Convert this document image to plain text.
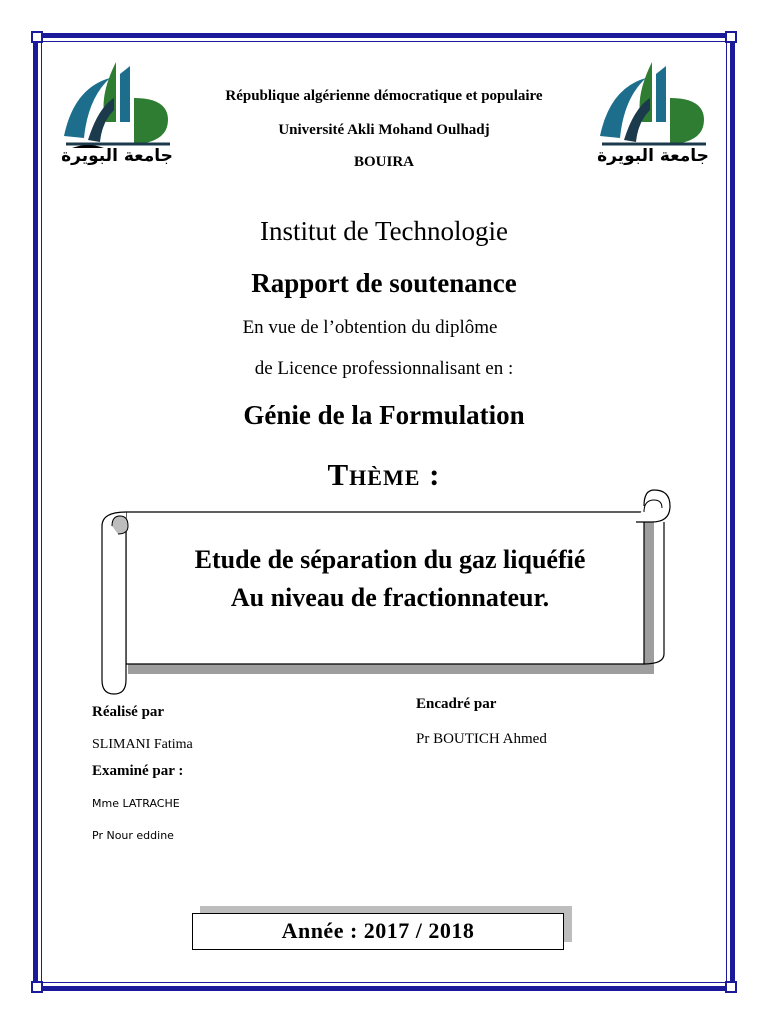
جامعة البويرة	جامعة البويرة
République algérienne démocratique et populaire
Université Akli Mohand Oulhadj
BOUIRA
Institut de Technologie
Rapport de soutenance
En vue de l’obtention du diplôme
de Licence professionnalisant en :
Génie de la Formulation
Thème :
Etude de séparation du gaz liquéfié
Au niveau de fractionnateur.
Réalisé par
SLIMANI Fatima
Examiné par :
Mme LATRACHE
Pr Nour eddine
Encadré par
Pr BOUTICH Ahmed
Année : 2017 / 2018
